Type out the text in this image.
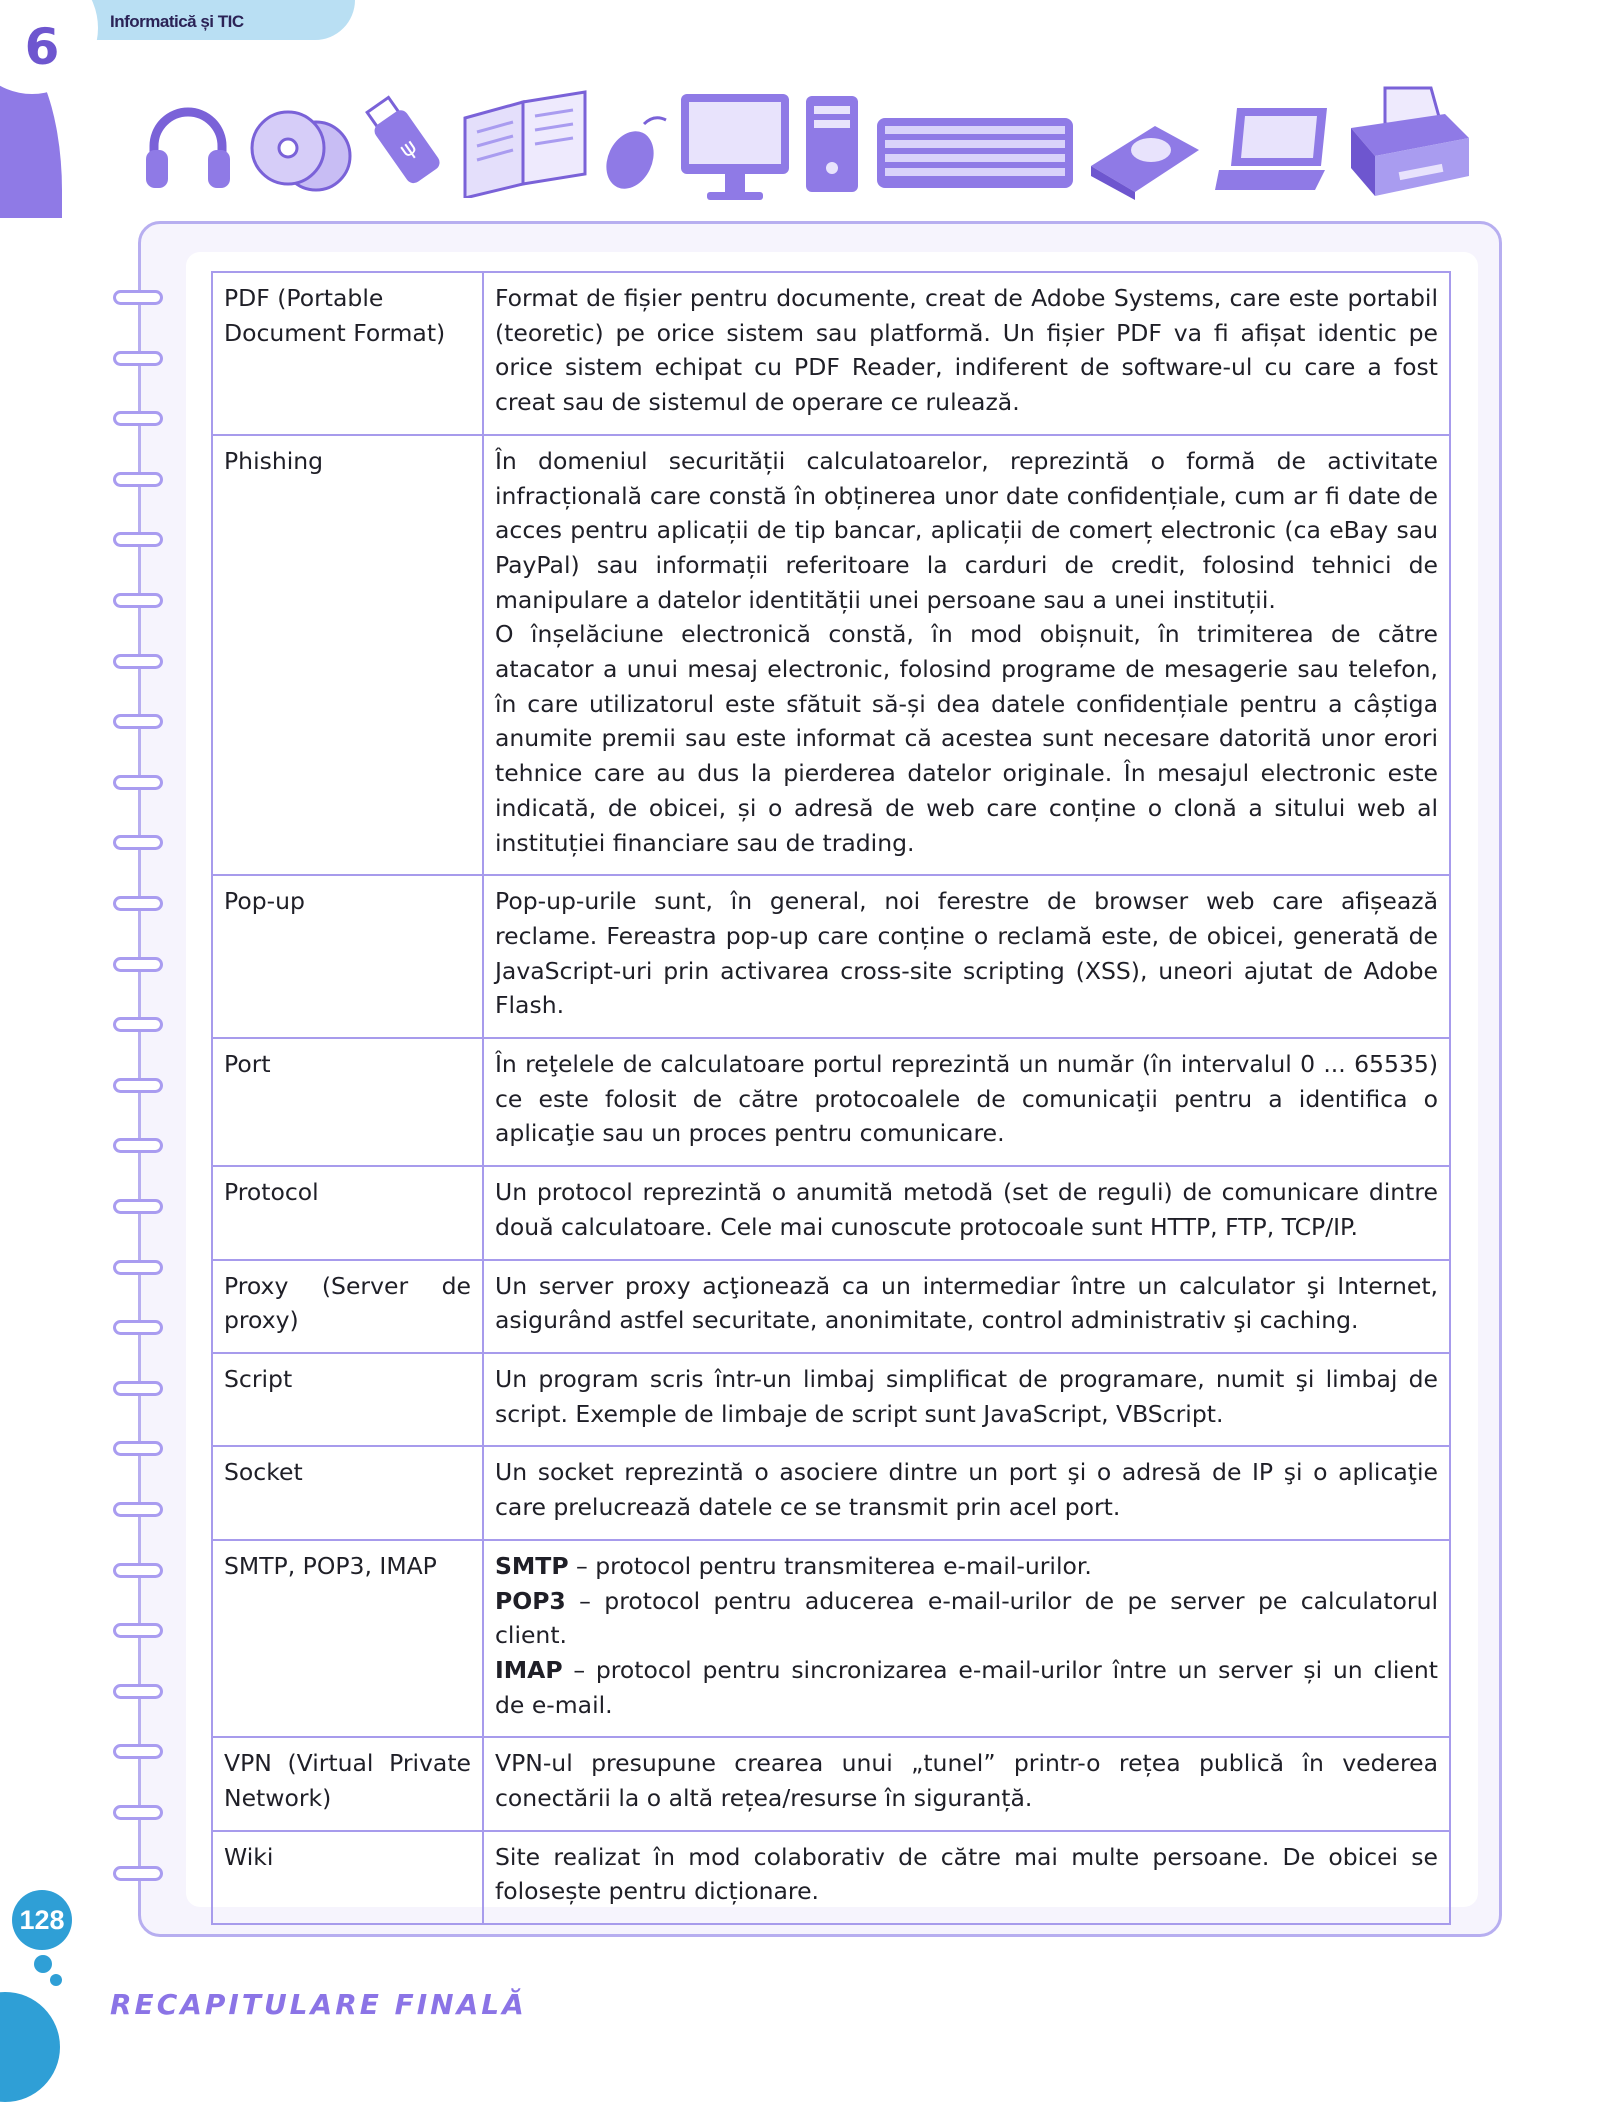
6	Informatică și TIC
ψ
PDF (Portable Document Format)	Format de fișier pentru documente, creat de Adobe Systems, care este portabil (teoretic) pe orice sistem sau platformă. Un fișier PDF va fi afișat identic pe orice sistem echipat cu PDF Reader, indiferent de software-ul cu care a fost creat sau de sistemul de operare ce rulează.

Phishing	În domeniul securității calculatoarelor, reprezintă o formă de activitate infracțională care constă în obținerea unor date confidențiale, cum ar fi date de acces pentru aplicații de tip bancar, aplicații de comerț electronic (ca eBay sau PayPal) sau informații referitoare la carduri de credit, folosind tehnici de manipulare a datelor identității unei persoane sau a unei instituții.
O înșelăciune electronică constă, în mod obișnuit, în trimiterea de către atacator a unui mesaj electronic, folosind programe de mesagerie sau telefon, în care utilizatorul este sfătuit să-și dea datele confidențiale pentru a câștiga anumite premii sau este informat că acestea sunt necesare datorită unor erori tehnice care au dus la pierderea datelor originale. În mesajul electronic este indicată, de obicei, și o adresă de web care conține o clonă a sitului web al instituției financiare sau de trading.

Pop-up	Pop-up-urile sunt, în general, noi ferestre de browser web care afișează reclame. Fereastra pop-up care conține o reclamă este, de obicei, generată de JavaScript-uri prin activarea cross-site scripting (XSS), uneori ajutat de Adobe Flash.

Port	În reţelele de calculatoare portul reprezintă un număr (în intervalul 0 ... 65535) ce este folosit de către protocoalele de comunicaţii pentru a identifica o aplicaţie sau un proces pentru comunicare.

Protocol	Un protocol reprezintă o anumită metodă (set de reguli) de comunicare dintre două calculatoare. Cele mai cunoscute protocoale sunt HTTP, FTP, TCP/IP.

Proxy (Server de proxy)	Un server proxy acţionează ca un intermediar între un calculator şi Internet, asigurând astfel securitate, anonimitate, control administrativ şi caching.

Script	Un program scris într-un limbaj simplificat de programare, numit şi limbaj de script. Exemple de limbaje de script sunt JavaScript, VBScript.

Socket	Un socket reprezintă o asociere dintre un port şi o adresă de IP şi o aplicaţie care prelucrează datele ce se transmit prin acel port.

SMTP, POP3, IMAP	SMTP – protocol pentru transmiterea e-mail-urilor.
POP3 – protocol pentru aducerea e-mail-urilor de pe server pe calculatorul client.
IMAP – protocol pentru sincronizarea e-mail-urilor între un server și un client de e-mail.

VPN (Virtual Private Network)	VPN-ul presupune crearea unui „tunel” printr-o rețea publică în vederea conectării la o altă rețea/resurse în siguranță.

Wiki	Site realizat în mod colaborativ de către mai multe persoane. De obicei se folosește pentru dicționare.
128
RECAPITULARE FINALĂ
